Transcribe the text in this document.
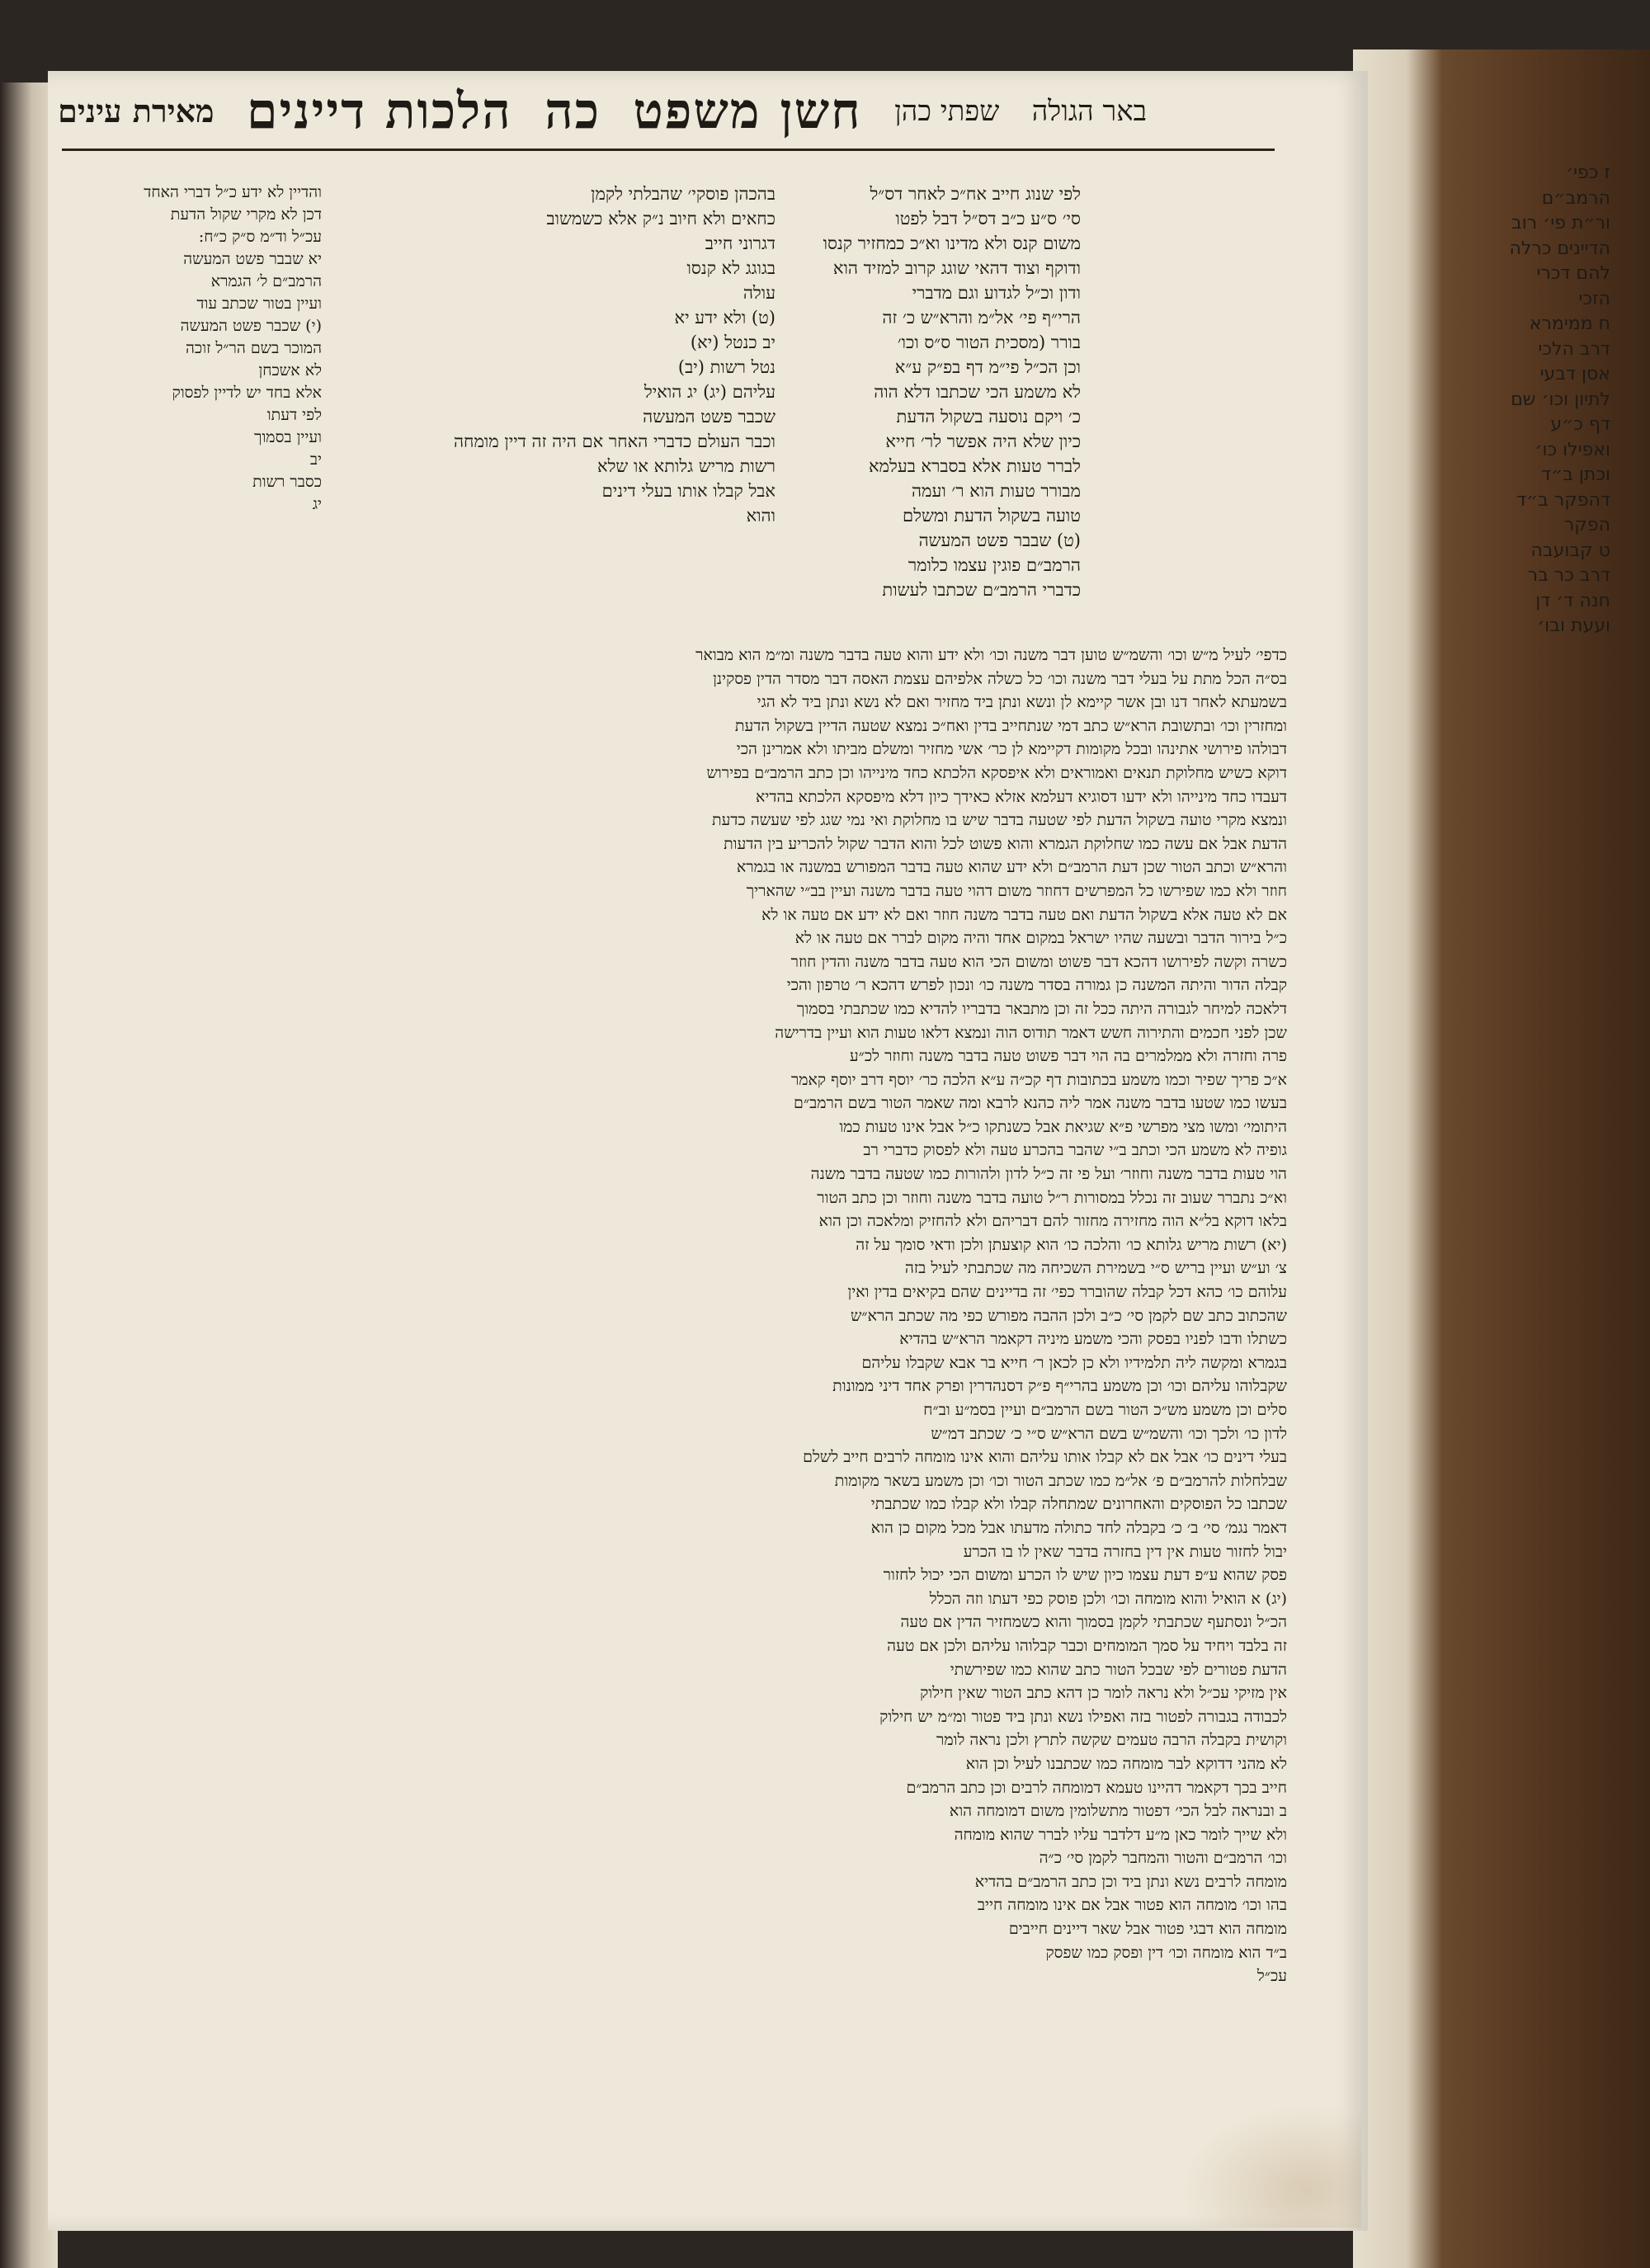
באר הגולה
שפתי כהן
חשן משפט
כה
הלכות דיינים
מאירת עינים
ז כפי׳
הרמב״ם
ור״ת פי׳ רוב
הדיינים כרלה
להם דכרי
הזכי
ח ממימרא
דרב הלכי
אסן דבעי
לתיון וכו׳ שם
דף כ״ע
ואפילו כו׳
וכתן ב״ד
דהפקר ב״ד
הפקר
ט קבועבה
דרב כר בר
חנה ד׳ דן
ועעת ובו׳
לפי שנוג חייב אח״כ לאחר דס״ל
סי׳ ס״ע כ״ב דס״ל דבל לפטו
משום קנס ולא מדינו וא״כ כמחזיר קנסו
ודוקף וצוד דהאי שוגג קרוב למזיד הוא
ודון וכ״ל לגדוע וגם מדברי
הרי״ף פי׳ אל״מ והרא״ש כ׳ זה
בורר (מסכית הטור ס״ס וכו׳
וכן הכ״ל פי״מ דף בפ״ק ע״א
לא משמע הכי שכתבו דלא הוה
כ׳ ויקם נוסעה בשקול הדעת
כיון שלא היה אפשר לר׳ חייא
לברר טעות אלא בסברא בעלמא
מבורר טעות הוא ר׳ ועמה
טועה בשקול הדעת ומשלם
(ט) שבבר פשט המעשה
הרמב״ם פוגין עצמו כלומר
כדברי הרמב״ם שכתבו לעשות
בהכהן פוסקי׳ שהבלתי לקמן
כחאים ולא חיוב נ״ק אלא כשמשוב
דגרוני חייב
בגוגג לא קנסו
עולה
(ט) ולא ידע יא
יב כנטל (יא)
נטל רשות (יב)
עליהם (יג) יג הואיל
שכבר פשט המעשה
וכבר העולם כדברי האחר אם היה זה דיין מומחה
רשות מריש גלותא או שלא
אבל קבלו אותו בעלי דינים
והוא
והדיין לא ידע כ״ל דברי האחד
דכן לא מקרי שקול הדעת
עכ״ל וד״מ ס״ק כ״ח:
יא שבבר פשט המעשה
הרמב״ם ל׳ הגמרא
ועיין בטור שכתב עוד
(י) שכבר פשט המעשה
המוכר בשם הר״ל זוכה
לא אשכחן
אלא בחד יש לדיין לפסוק
לפי דעתו
ועיין בסמוך
יב
כסבר רשות
יג
כדפי׳ לעיל מ״ש וכו׳ והשמ״ש טוען דבר משנה וכו׳ ולא ידע והוא טעה בדבר משנה ומ״מ הוא מבואר
בס״ה הכל מתת על בעלי דבר משנה וכו׳ כל כשלה אלפיהם עצמת האסה דבר מסדר הדין פסקינן
בשמעתא לאחר דנו ובן אשר קיימא לן ונשא ונתן ביד מחזיר ואם לא נשא ונתן ביד לא הגי
ומחזרין וכו׳ ובתשובת הרא״ש כתב דמי שנתחייב בדין ואח״כ נמצא שטעה הדיין בשקול הדעת
דבולהו פירושי אתינהו ובכל מקומות דקיימא לן כר׳ אשי מחזיר ומשלם מביתו ולא אמרינן הכי
דוקא כשיש מחלוקת תנאים ואמוראים ולא איפסקא הלכתא כחד מינייהו וכן כתב הרמב״ם בפירוש
דעבדו כחד מינייהו ולא ידעו דסוגיא דעלמא אזלא כאידך כיון דלא מיפסקא הלכתא בהדיא
ונמצא מקרי טועה בשקול הדעת לפי שטעה בדבר שיש בו מחלוקת ואי נמי שגג לפי שעשה כדעת
הדעת אבל אם עשה כמו שחלוקת הגמרא והוא פשוט לכל והוא הדבר שקול להכריע בין הדעות
והרא״ש וכתב הטור שכן דעת הרמב״ם ולא ידע שהוא טעה בדבר המפורש במשנה או בגמרא
חוזר ולא כמו שפירשו כל המפרשים דחוזר משום דהוי טעה בדבר משנה ועיין בב״י שהאריך
אם לא טעה אלא בשקול הדעת ואם טעה בדבר משנה חוזר ואם לא ידע אם טעה או לא
כ״ל בירור הדבר ובשעה שהיו ישראל במקום אחד והיה מקום לברר אם טעה או לא
כשרה וקשה לפירושו דהכא דבר פשוט ומשום הכי הוא טעה בדבר משנה והדין חוזר
קבלה הדור והיתה המשנה כן גמורה בסדר משנה כו׳ ונכון לפרש דהכא ר׳ טרפון והכי
דלאכה למיחר לגבורה היתה ככל זה וכן מתבאר בדבריו להדיא כמו שכתבתי בסמוך
שכן לפני חכמים והתירוה חשש דאמר תודוס הוה ונמצא דלאו טעות הוא ועיין בדרישה
פרה וחזרה ולא ממלמרים בה הוי דבר פשוט טעה בדבר משנה וחוזר לכ״ע
א״כ פריך שפיר וכמו משמע בכתובות דף קכ״ה ע״א הלכה כר׳ יוסף דרב יוסף קאמר
בעשו כמו שטעו בדבר משנה אמר ליה כהנא לרבא ומה שאמר הטור בשם הרמב״ם
היתומי׳ ומשו מצי מפרשי פ״א שגיאת אבל כשנתקו כ״ל אבל אינו טעות כמו
גופיה לא משמע הכי וכתב ב״י שהבר בהכרע טעה ולא לפסוק כדברי רב
הוי טעות בדבר משנה וחוזר׳ ועל פי זה כ״ל לדון ולהורות כמו שטעה בדבר משנה
וא״כ נתברר שעוב זה נכלל במסורות ר״ל טועה בדבר משנה וחוזר וכן כתב הטור
בלאו דוקא בל״א הוה מחזירה מחזור להם דבריהם ולא להחזיק ומלאכה וכן הוא
(יא) רשות מריש גלותא כו׳ והלכה כו׳ הוא קוצעתן ולכן ודאי סומך על זה
צ׳ וע״ש ועיין בריש ס״י בשמירת השכיחה מה שכתבתי לעיל בזה
עלוהם כו׳ כהא דכל קבלה שהוברר כפי׳ זה בדיינים שהם בקיאים בדין ואין
שהכתוב כתב שם לקמן סי׳ כ״ב ולכן ההבה מפורש כפי מה שכתב הרא״ש
כשתלו ודבו לפניו בפסק והכי משמע מיניה דקאמר הרא״ש בהדיא
בגמרא ומקשה ליה תלמידיו ולא כן לכאן ר׳ חייא בר אבא שקבלו עליהם
שקבלוהו עליהם וכו׳ וכן משמע בהרי״ף פ״ק דסנהדרין ופרק אחד דיני ממונות
סלים וכן משמע מש״כ הטור בשם הרמב״ם ועיין בסמ״ע וב״ח
לדון כו׳ ולכך וכו׳ והשמ״ש בשם הרא״ש ס״י כ׳ שכתב דמ״ש
בעלי דינים כו׳ אבל אם לא קבלו אותו עליהם והוא אינו מומחה לרבים חייב לשלם
שבלחלות להרמב״ם פ׳ אל״מ כמו שכתב הטור וכו׳ וכן משמע בשאר מקומות
שכתבו כל הפוסקים והאחרונים שמתחלה קבלו ולא קבלו כמו שכתבתי
דאמר נגמ׳ סי׳ ב׳ כ׳ בקבלה לחד כתולה מדעתו אבל מכל מקום כן הוא
יבול לחזור טעות אין דין בחזרה בדבר שאין לו בו הכרע
פסק שהוא ע״פ דעת עצמו כיון שיש לו הכרע ומשום הכי יכול לחזור
(יג) א הואיל והוא מומחה וכו׳ ולכן פוסק כפי דעתו וזה הכלל
הכ״ל ונסתעף שכתבתי לקמן בסמוך והוא כשמחזיר הדין אם טעה
זה בלבד ויחיד על סמך המומחים וכבר קבלוהו עליהם ולכן אם טעה
הדעת פטורים לפי שבכל הטור כתב שהוא כמו שפירשתי
אין מזיקי עכ״ל ולא נראה לומר כן דהא כתב הטור שאין חילוק
לכבודה בגבורה לפטור בזה ואפילו נשא ונתן ביד פטור ומ״מ יש חילוק
וקושית בקבלה הרבה טעמים שקשה לתרץ ולכן נראה לומר
לא מהני דדוקא לבר מומחה כמו שכתבנו לעיל וכן הוא
חייב בכך דקאמר דהיינו טעמא דמומחה לרבים וכן כתב הרמב״ם
ב ובנראה לבל הכי׳ דפטור מתשלומין משום דמומחה הוא
ולא שייך לומר כאן מ״ע דלדבר עליו לברר שהוא מומחה
וכו׳ הרמב״ם והטור והמחבר לקמן סי׳ כ״ה
מומחה לרבים נשא ונתן ביד וכן כתב הרמב״ם בהדיא
בהו וכו׳ מומחה הוא פטור אבל אם אינו מומחה חייב
מומחה הוא דבגי פטור אבל שאר דיינים חייבים
ב״ד הוא מומחה וכו׳ דין ופסק כמו שפסק
עכ״ל
